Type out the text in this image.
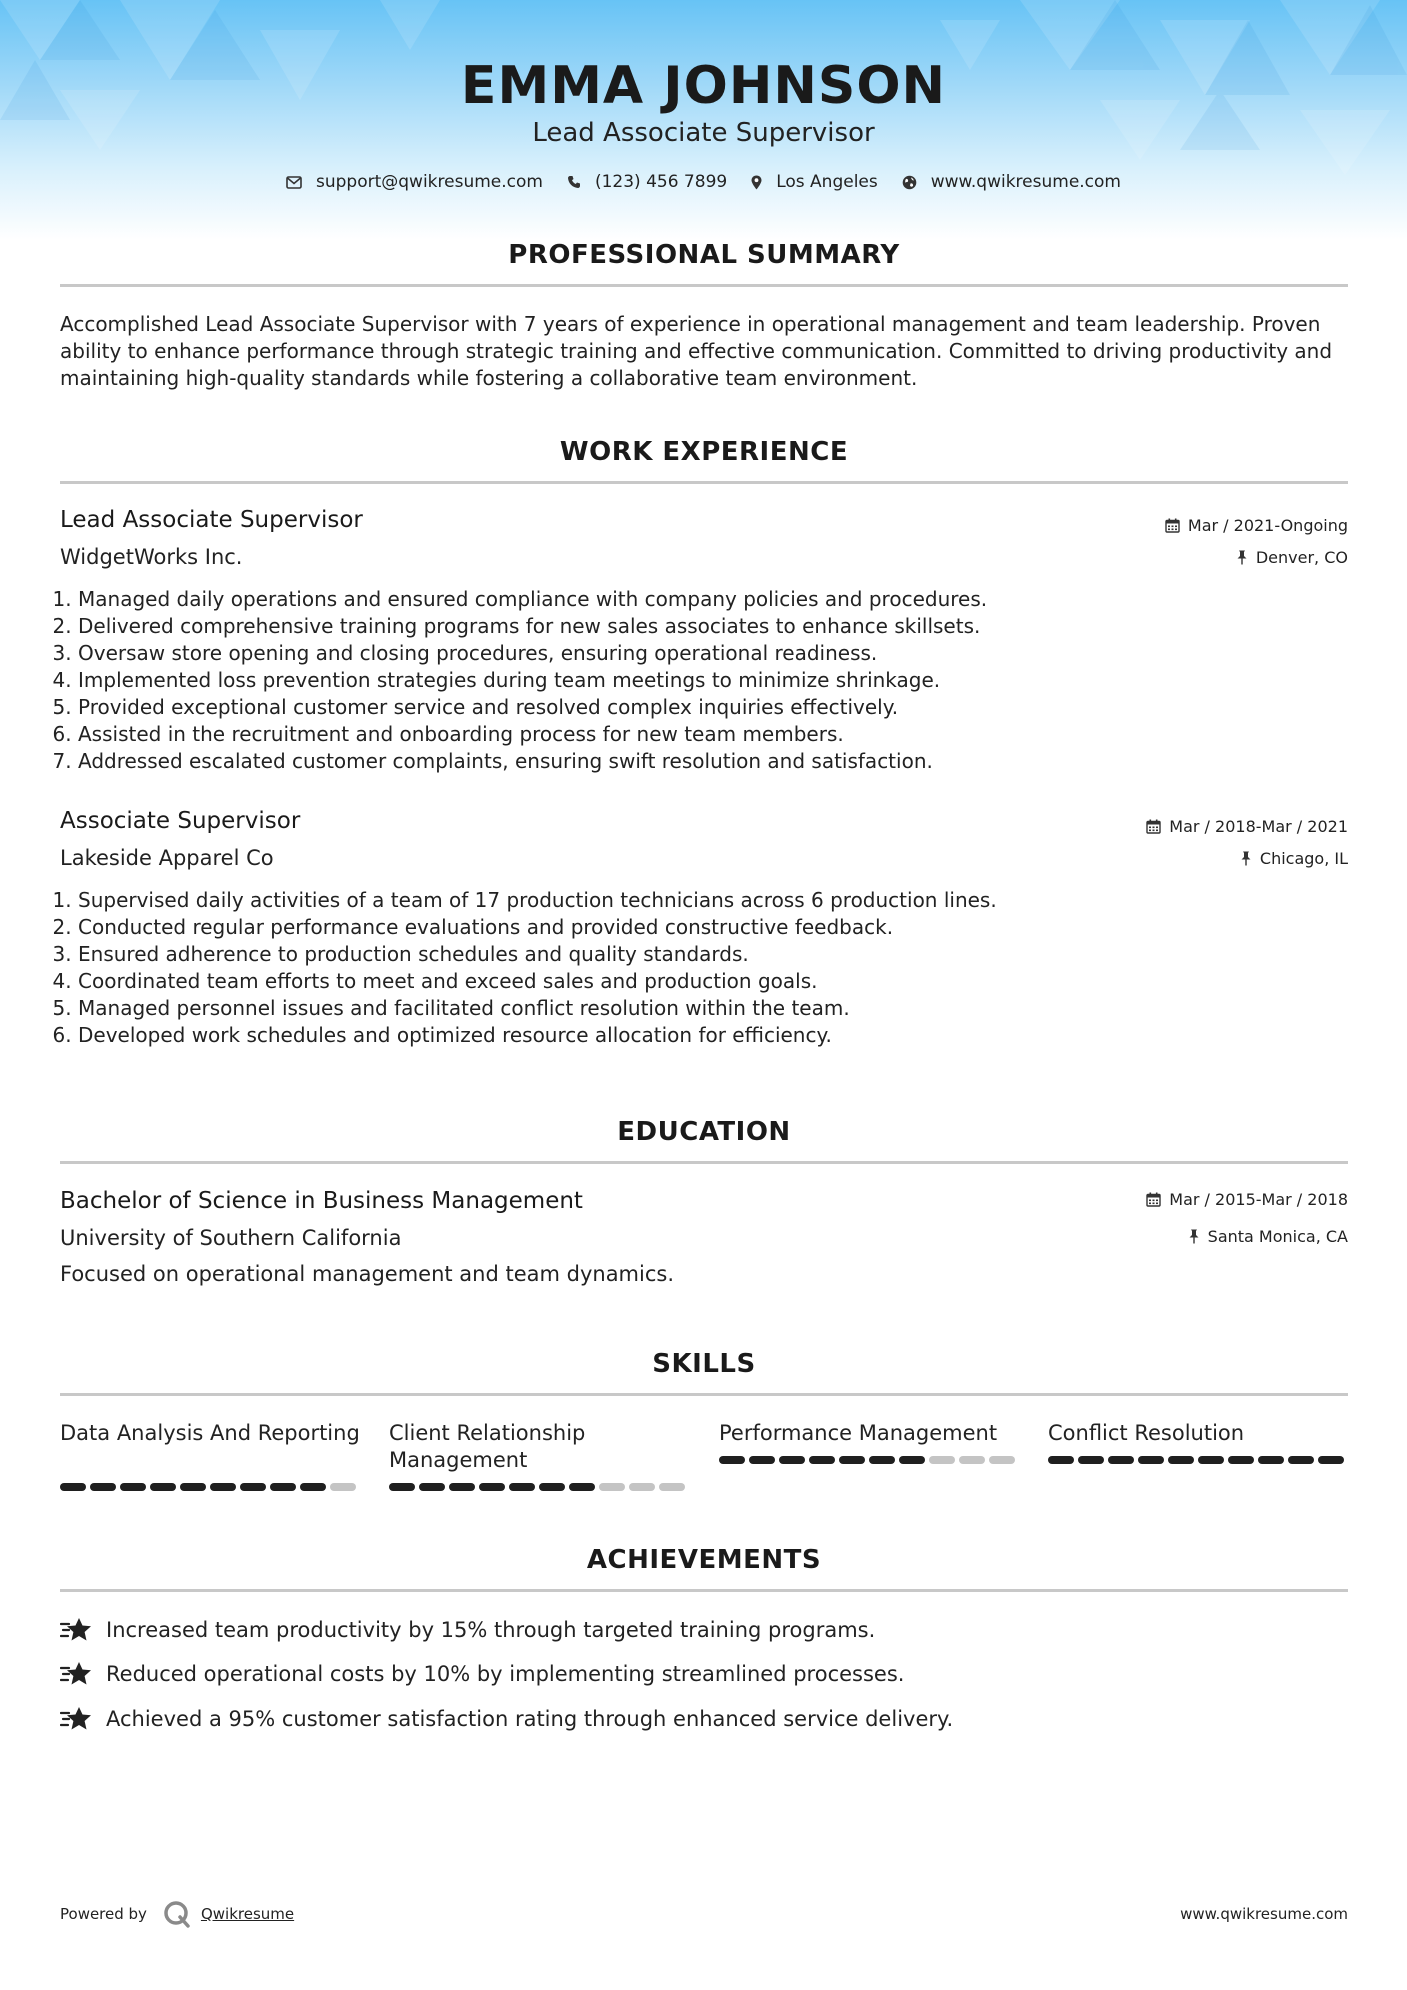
EMMA JOHNSON
Lead Associate Supervisor
support@qwikresume.com	(123) 456 7899	Los Angeles	www.qwikresume.com
PROFESSIONAL SUMMARY
Accomplished Lead Associate Supervisor with 7 years of experience in operational management and team leadership. Proven ability to enhance performance through strategic training and effective communication. Committed to driving productivity and maintaining high-quality standards while fostering a collaborative team environment.
WORK EXPERIENCE
Lead Associate Supervisor	Mar / 2021-Ongoing
WidgetWorks Inc.	Denver, CO
1. Managed daily operations and ensured compliance with company policies and procedures.
2. Delivered comprehensive training programs for new sales associates to enhance skillsets.
3. Oversaw store opening and closing procedures, ensuring operational readiness.
4. Implemented loss prevention strategies during team meetings to minimize shrinkage.
5. Provided exceptional customer service and resolved complex inquiries effectively.
6. Assisted in the recruitment and onboarding process for new team members.
7. Addressed escalated customer complaints, ensuring swift resolution and satisfaction.
Associate Supervisor	Mar / 2018-Mar / 2021
Lakeside Apparel Co	Chicago, IL
1. Supervised daily activities of a team of 17 production technicians across 6 production lines.
2. Conducted regular performance evaluations and provided constructive feedback.
3. Ensured adherence to production schedules and quality standards.
4. Coordinated team efforts to meet and exceed sales and production goals.
5. Managed personnel issues and facilitated conflict resolution within the team.
6. Developed work schedules and optimized resource allocation for efficiency.
EDUCATION
Bachelor of Science in Business Management	Mar / 2015-Mar / 2018
University of Southern California	Santa Monica, CA
Focused on operational management and team dynamics.
SKILLS
Data Analysis And Reporting Client Relationship Management
Performance Management	Conflict Resolution
ACHIEVEMENTS
Increased team productivity by 15% through targeted training programs.
Reduced operational costs by 10% by implementing streamlined processes.
Achieved a 95% customer satisfaction rating through enhanced service delivery.
Powered by	Qwikresume	www.qwikresume.com
